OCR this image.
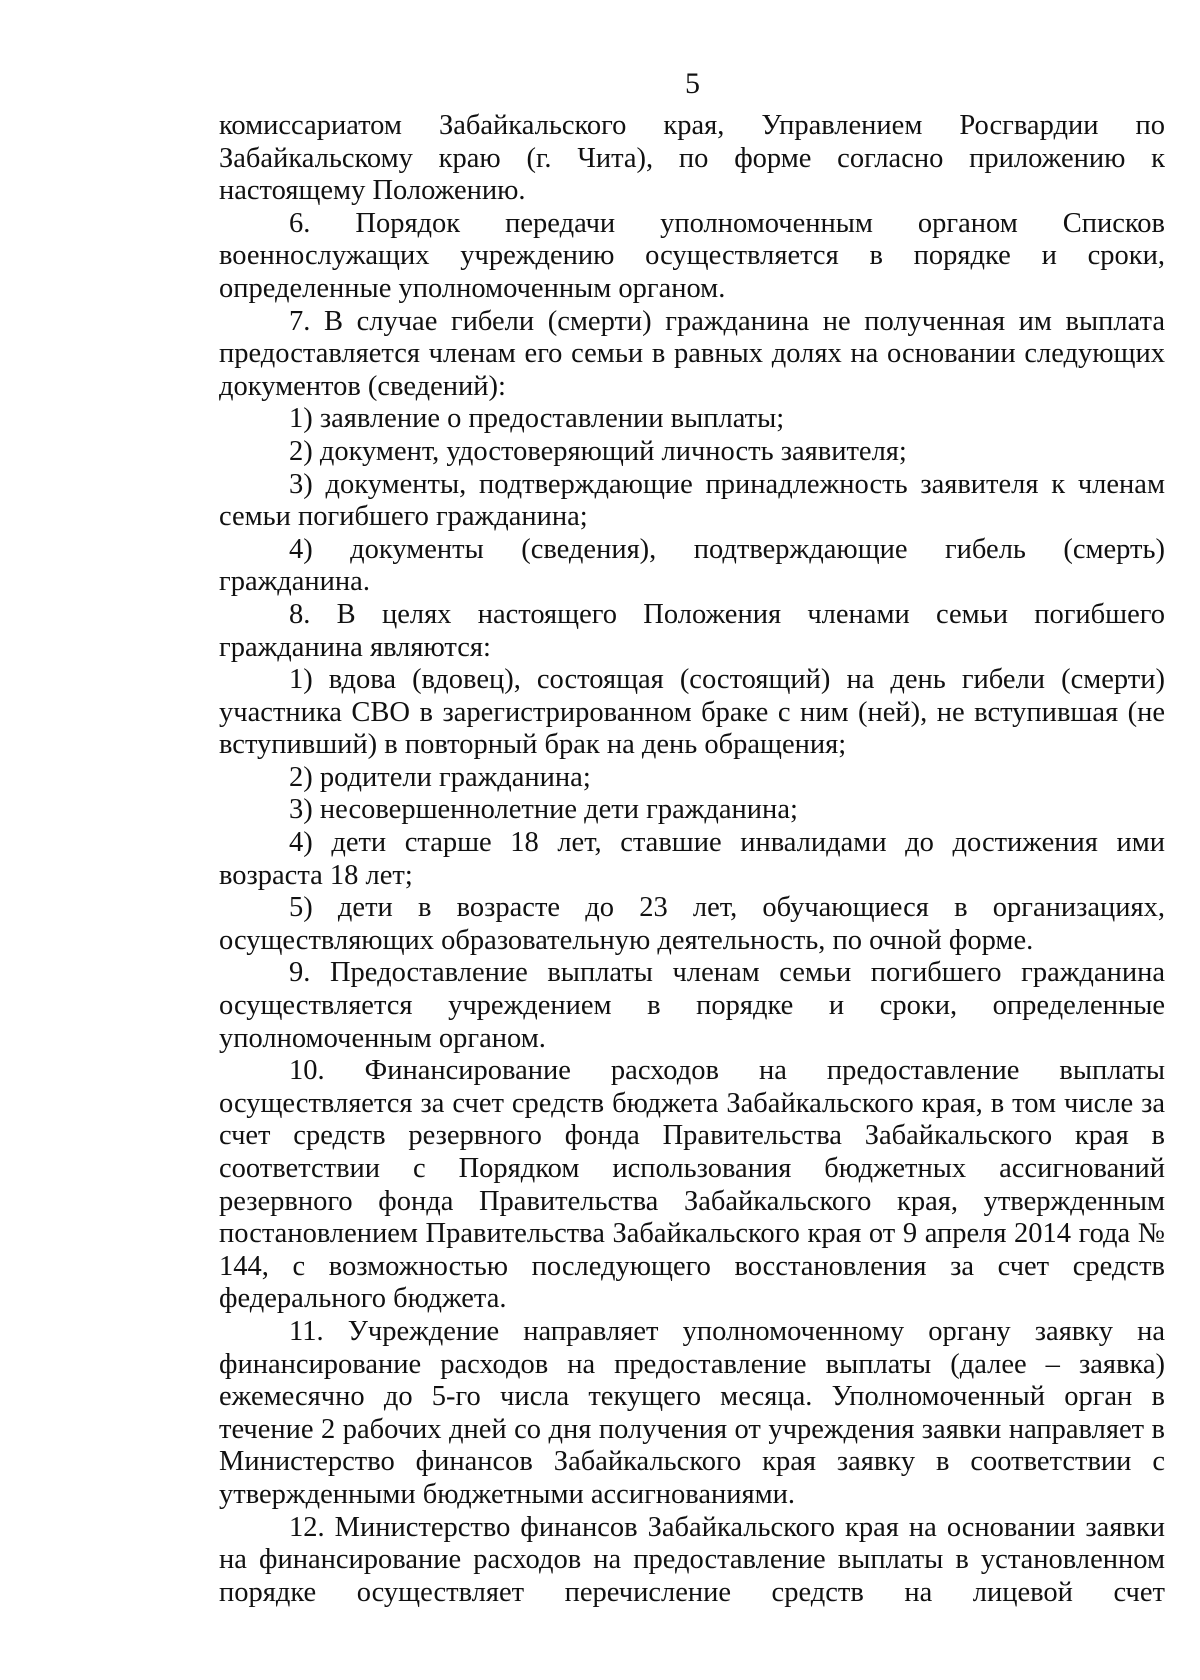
5

комиссариатом Забайкальского края, Управлением Росгвардии по Забайкальскому краю (г. Чита), по форме согласно приложению к настоящему Положению.

6. Порядок передачи уполномоченным органом Списков военнослужащих учреждению осуществляется в порядке и сроки, определенные уполномоченным органом.

7. В случае гибели (смерти) гражданина не полученная им выплата предоставляется членам его семьи в равных долях на основании следующих документов (сведений):

1) заявление о предоставлении выплаты;

2) документ, удостоверяющий личность заявителя;

3) документы, подтверждающие принадлежность заявителя к членам семьи погибшего гражданина;

4) документы (сведения), подтверждающие гибель (смерть) гражданина.

8. В целях настоящего Положения членами семьи погибшего гражданина являются:

1) вдова (вдовец), состоящая (состоящий) на день гибели (смерти) участника СВО в зарегистрированном браке с ним (ней), не вступившая (не вступивший) в повторный брак на день обращения;

2) родители гражданина;

3) несовершеннолетние дети гражданина;

4) дети старше 18 лет, ставшие инвалидами до достижения ими возраста 18 лет;

5) дети в возрасте до 23 лет, обучающиеся в организациях, осуществляющих образовательную деятельность, по очной форме.

9. Предоставление выплаты членам семьи погибшего гражданина осуществляется учреждением в порядке и сроки, определенные уполномоченным органом.

10. Финансирование расходов на предоставление выплаты осуществляется за счет средств бюджета Забайкальского края, в том числе за счет средств резервного фонда Правительства Забайкальского края в соответствии с Порядком использования бюджетных ассигнований резервного фонда Правительства Забайкальского края, утвержденным постановлением Правительства Забайкальского края от 9 апреля 2014 года № 144, с возможностью последующего восстановления за счет средств федерального бюджета.

11. Учреждение направляет уполномоченному органу заявку на финансирование расходов на предоставление выплаты (далее – заявка) ежемесячно до 5-го числа текущего месяца. Уполномоченный орган в течение 2 рабочих дней со дня получения от учреждения заявки направляет в Министерство финансов Забайкальского края заявку в соответствии с утвержденными бюджетными ассигнованиями.

12. Министерство финансов Забайкальского края на основании заявки на финансирование расходов на предоставление выплаты в установленном порядке осуществляет перечисление средств на лицевой счет
